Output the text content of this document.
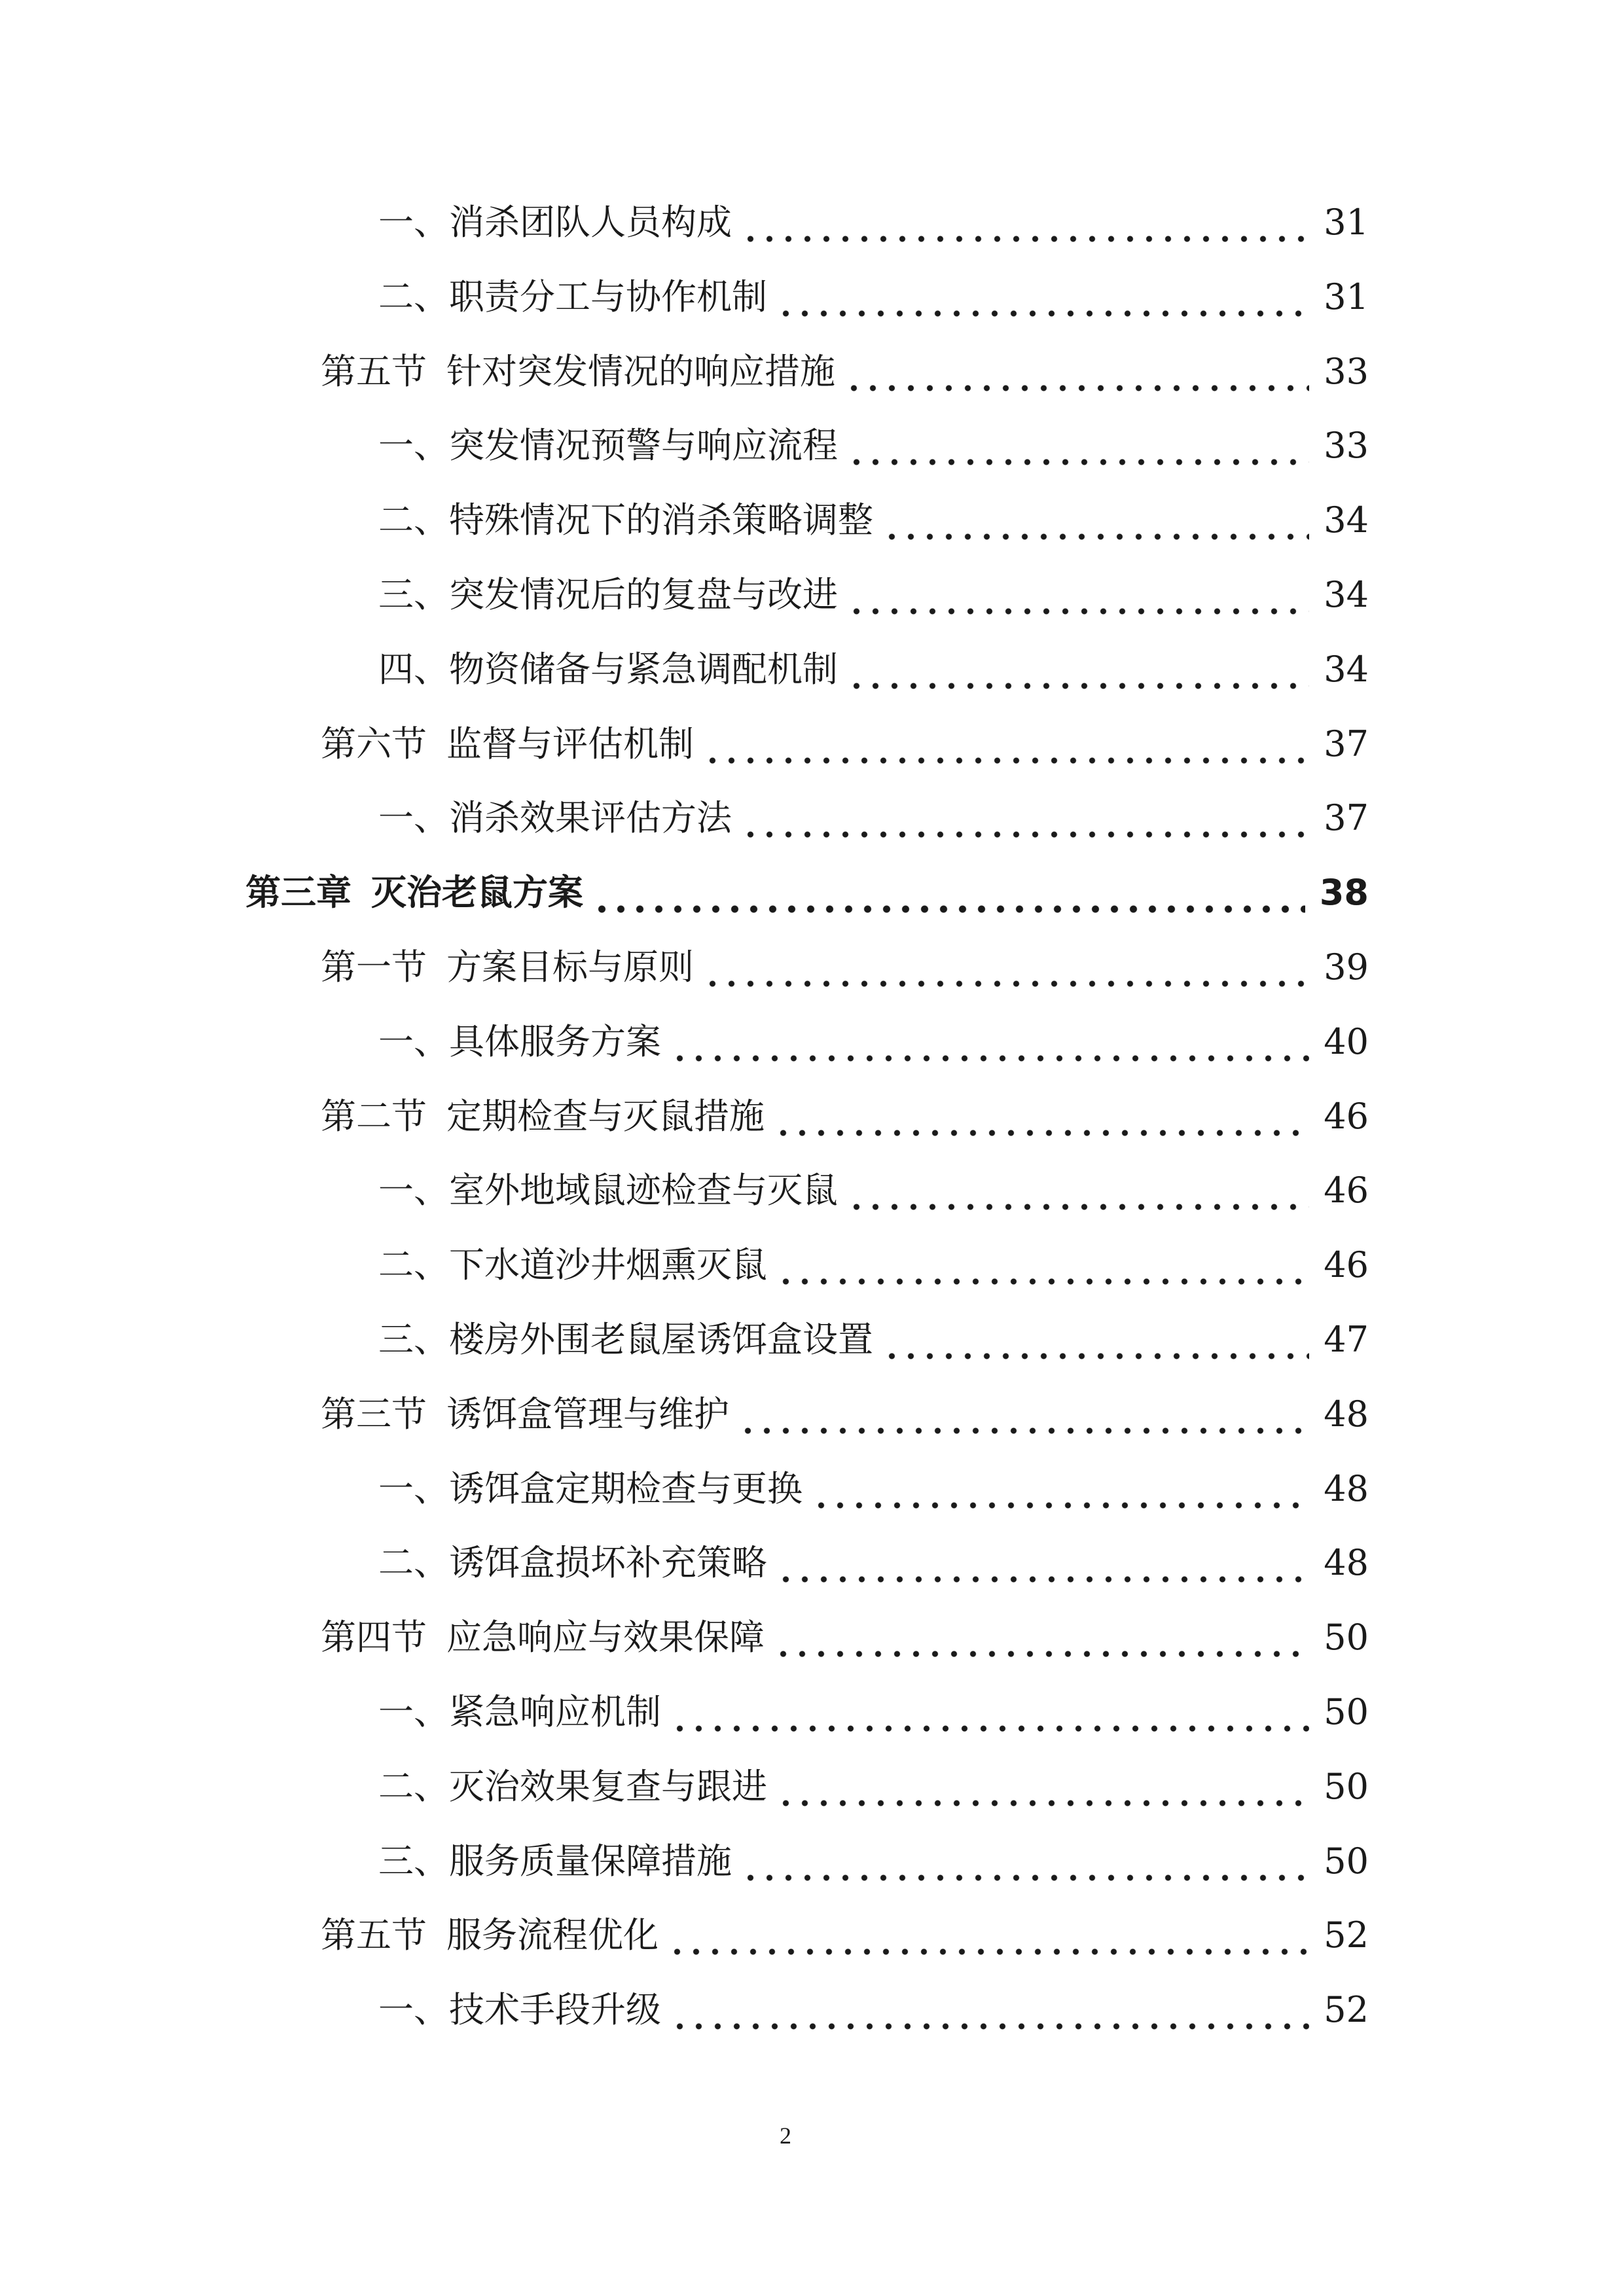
一、消杀团队人员构成	31
二、职责分工与协作机制	31
第五节 针对突发情况的响应措施	33
一、突发情况预警与响应流程	33
二、特殊情况下的消杀策略调整	34
三、突发情况后的复盘与改进	34
四、物资储备与紧急调配机制	34
第六节 监督与评估机制	37
一、消杀效果评估方法	37
第三章 灭治老鼠方案	38
第一节 方案目标与原则	39
一、具体服务方案	40
第二节 定期检查与灭鼠措施	46
一、室外地域鼠迹检查与灭鼠	46
二、下水道沙井烟熏灭鼠	46
三、楼房外围老鼠屋诱饵盒设置	47
第三节 诱饵盒管理与维护	48
一、诱饵盒定期检查与更换	48
二、诱饵盒损坏补充策略	48
第四节 应急响应与效果保障	50
一、紧急响应机制	50
二、灭治效果复查与跟进	50
三、服务质量保障措施	50
第五节 服务流程优化	52
一、技术手段升级	52
2
